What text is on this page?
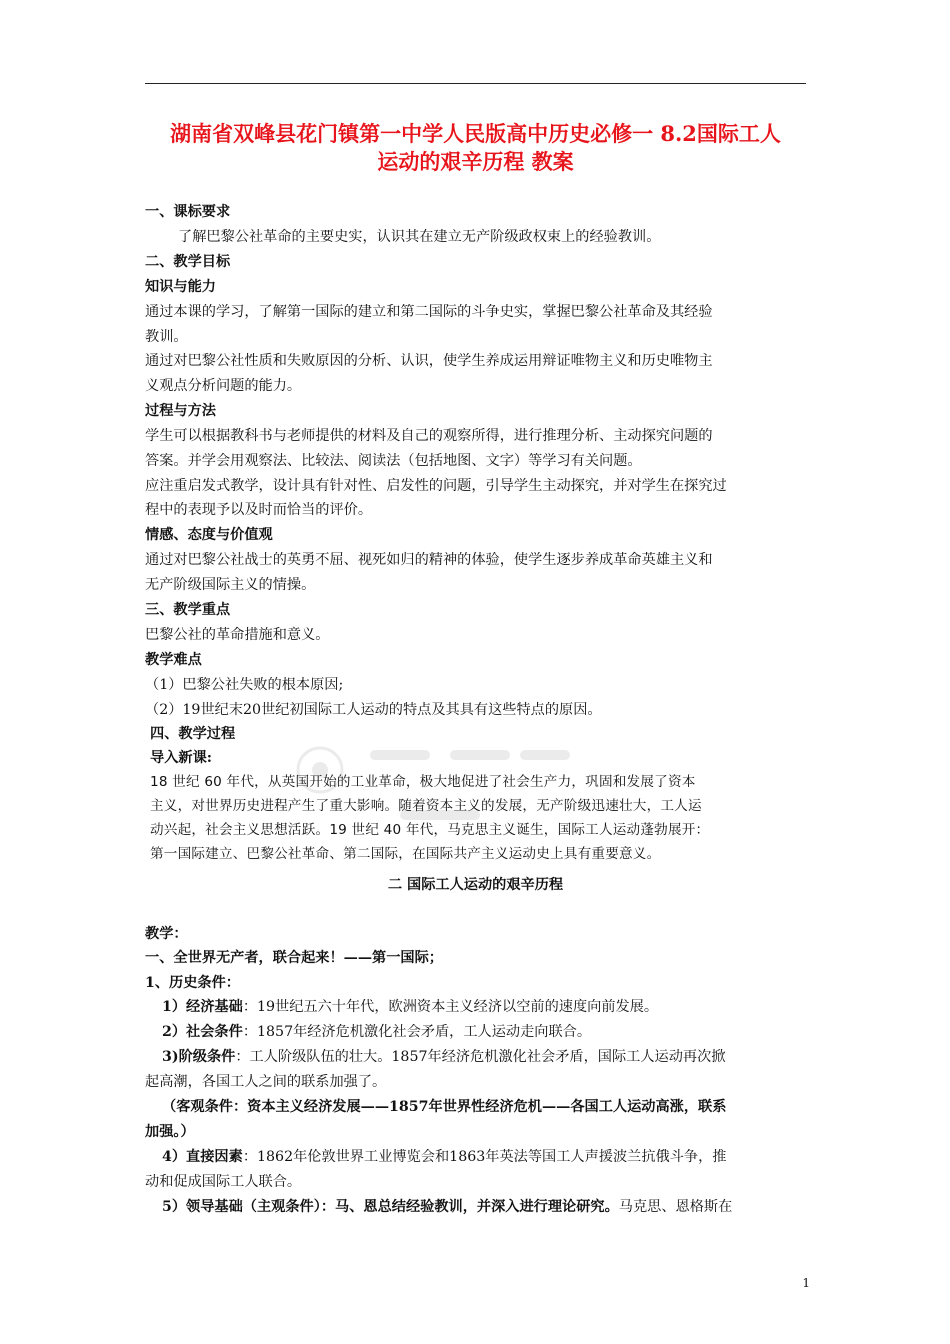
湖南省双峰县花门镇第一中学人民版高中历史必修一 8.2国际工人
运动的艰辛历程 教案
一、课标要求
了解巴黎公社革命的主要史实，认识其在建立无产阶级政权束上的经验教训。
二、教学目标
知识与能力
通过本课的学习，了解第一国际的建立和第二国际的斗争史实，掌握巴黎公社革命及其经验
教训。
通过对巴黎公社性质和失败原因的分析、认识，使学生养成运用辩证唯物主义和历史唯物主
义观点分析问题的能力。
过程与方法
学生可以根据教科书与老师提供的材料及自己的观察所得，进行推理分析、主动探究问题的
答案。并学会用观察法、比较法、阅读法（包括地图、文字）等学习有关问题。
应注重启发式教学，设计具有针对性、启发性的问题，引导学生主动探究，并对学生在探究过
程中的表现予以及时而恰当的评价。
情感、态度与价值观
通过对巴黎公社战士的英勇不屈、视死如归的精神的体验，使学生逐步养成革命英雄主义和
无产阶级国际主义的情操。
三、教学重点
巴黎公社的革命措施和意义。
教学难点
（1）巴黎公社失败的根本原因;
（2）19世纪末20世纪初国际工人运动的特点及其具有这些特点的原因。
四、教学过程
导入新课:
18 世纪 60 年代，从英国开始的工业革命，极大地促进了社会生产力，巩固和发展了资本
主义，对世界历史进程产生了重大影响。随着资本主义的发展，无产阶级迅速壮大，工人运
动兴起，社会主义思想活跃。19 世纪 40 年代，马克思主义诞生，国际工人运动蓬勃展开：
第一国际建立、巴黎公社革命、第二国际，在国际共产主义运动史上具有重要意义。
二 国际工人运动的艰辛历程
教学：
一、全世界无产者，联合起来！——第一国际；
1、历史条件：
1）经济基础：19世纪五六十年代，欧洲资本主义经济以空前的速度向前发展。
2）社会条件：1857年经济危机激化社会矛盾，工人运动走向联合。
3)阶级条件：工人阶级队伍的壮大。1857年经济危机激化社会矛盾，国际工人运动再次掀
起高潮，各国工人之间的联系加强了。
（客观条件：资本主义经济发展——1857年世界性经济危机——各国工人运动高涨，联系
加强。）
4）直接因素：1862年伦敦世界工业博览会和1863年英法等国工人声援波兰抗俄斗争，推
动和促成国际工人联合。
5）领导基础（主观条件）：马、恩总结经验教训，并深入进行理论研究。马克思、恩格斯在
1
